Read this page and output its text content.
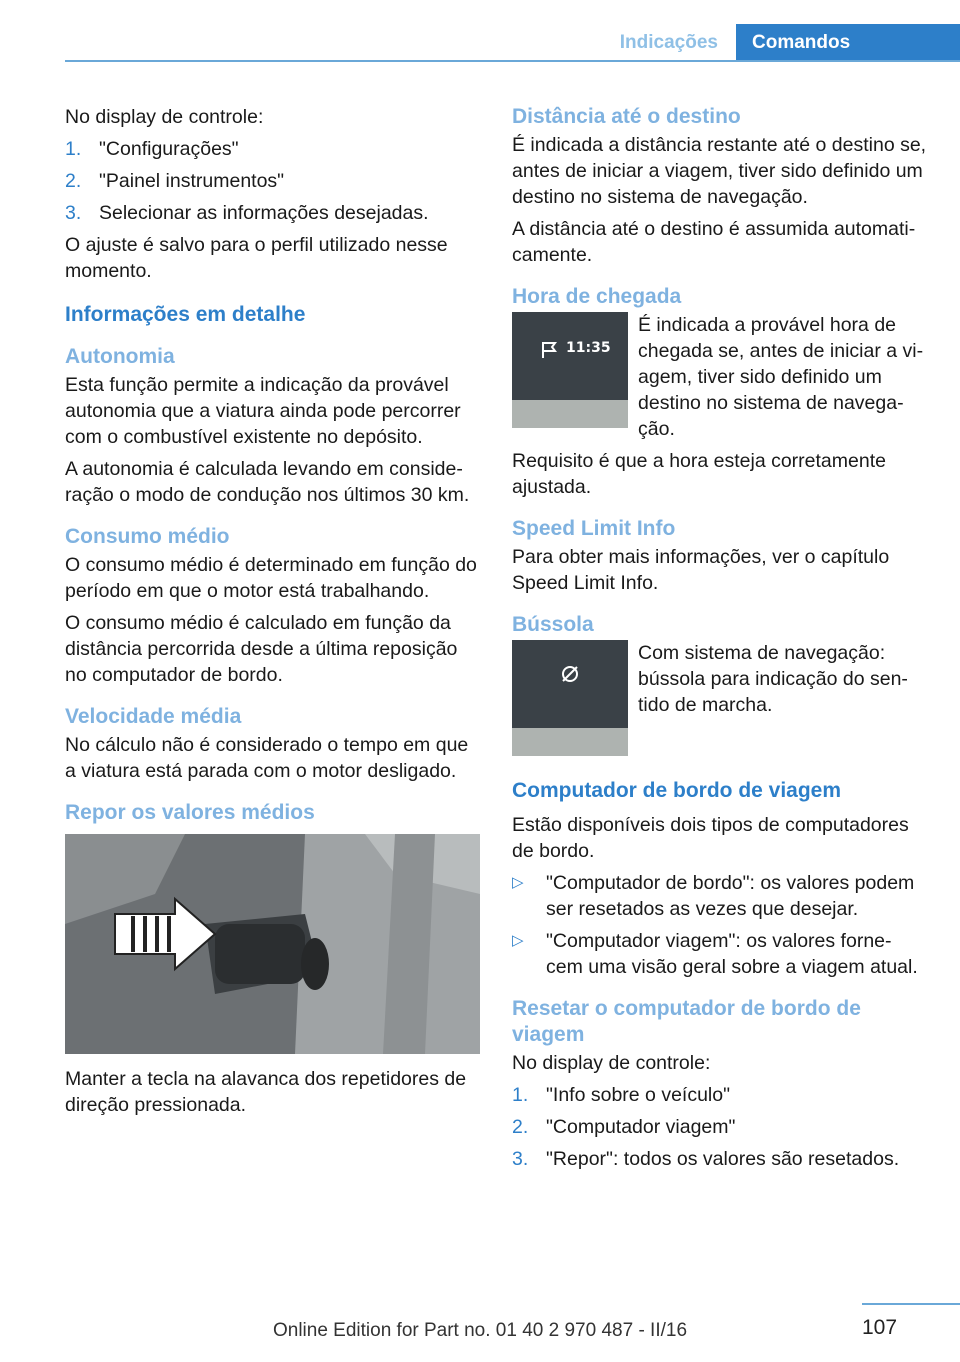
Indicações	Comandos

No display de controle:

1. "Configurações"
2. "Painel instrumentos"
3. Selecionar as informações desejadas.

O ajuste é salvo para o perfil utilizado nesse momento.

Informações em detalhe
Autonomia

Esta função permite a indicação da provável autonomia que a viatura ainda pode percorrer com o combustível existente no depósito.

A autonomia é calculada levando em conside‐ração o modo de condução nos últimos 30 km.

Consumo médio

O consumo médio é determinado em função do período em que o motor está trabalhando.

O consumo médio é calculado em função da distância percorrida desde a última reposição no computador de bordo.

Velocidade média

No cálculo não é considerado o tempo em que a viatura está parada com o motor desligado.

Repor os valores médios

Manter a tecla na alavanca dos repetidores de direção pressionada.

Distância até o destino

É indicada a distância restante até o destino se, antes de iniciar a viagem, tiver sido definido um destino no sistema de navegação.

A distância até o destino é assumida automati‐camente.

Hora de chegada
11:35

É indicada a provável hora de chegada se, antes de iniciar a vi‐agem, tiver sido definido um destino no sistema de navega‐ção.

Requisito é que a hora esteja corretamente ajustada.

Speed Limit Info

Para obter mais informações, ver o capítulo Speed Limit Info.

Bússola

Com sistema de navegação: bússola para indicação do sen‐tido de marcha.

Computador de bordo de viagem

Estão disponíveis dois tipos de computadores de bordo.

▷ "Computador de bordo": os valores podem ser resetados as vezes que desejar.
▷ "Computador viagem": os valores forne‐cem uma visão geral sobre a viagem atual.
Resetar o computador de bordo de viagem

No display de controle:

1. "Info sobre o veículo"
2. "Computador viagem"
3. "Repor": todos os valores são resetados.
107
Online Edition for Part no. 01 40 2 970 487 - II/16
